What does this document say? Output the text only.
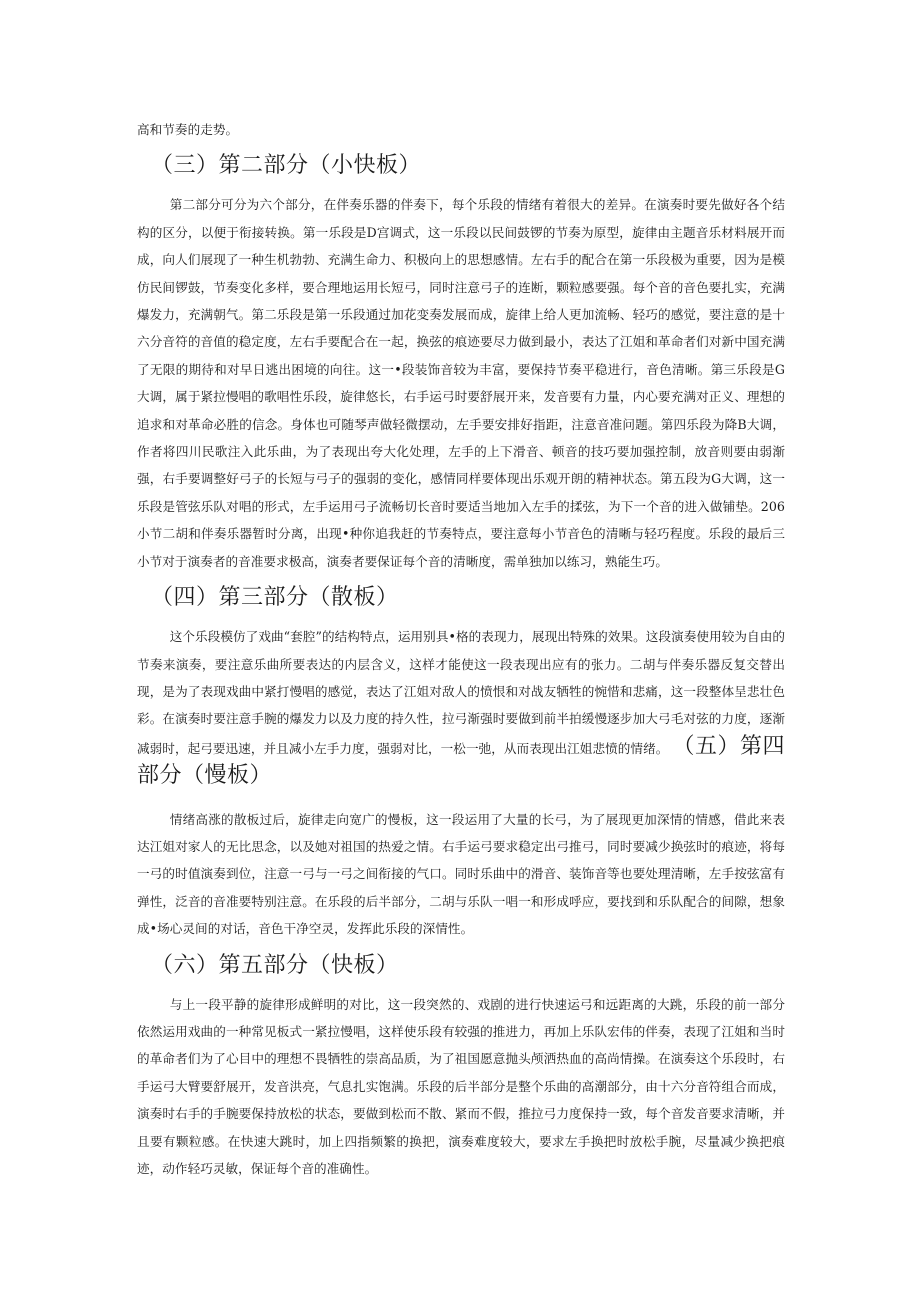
高和节奏的走势。

（三）第二部分（小快板）

第二部分可分为六个部分，在伴奏乐器的伴奏下，每个乐段的情绪有着很大的差异。在演奏时要先做好各个结构的区分，以便于衔接转换。第一乐段是D宫调式，这一乐段以民间鼓锣的节奏为原型，旋律由主题音乐材料展开而成，向人们展现了一种生机勃勃、充满生命力、积极向上的思想感情。左右手的配合在第一乐段极为重要，因为是模仿民间锣鼓，节奏变化多样，要合理地运用长短弓，同时注意弓子的连断，颗粒感要强。每个音的音色要扎实，充满爆发力，充满朝气。第二乐段是第一乐段通过加花变奏发展而成，旋律上给人更加流畅、轻巧的感觉，要注意的是十六分音符的音值的稳定度，左右手要配合在一起，换弦的痕迹要尽力做到最小，表达了江姐和革命者们对新中国充满了无限的期待和对早日逃出困境的向往。这一•段装饰音较为丰富，要保持节奏平稳进行，音色清晰。第三乐段是G大调，属于紧拉慢唱的歌唱性乐段，旋律悠长，右手运弓时要舒展开来，发音要有力量，内心要充满对正义、理想的追求和对革命必胜的信念。身体也可随琴声做轻微摆动，左手要安排好指距，注意音准问题。第四乐段为降B大调，作者将四川民歌注入此乐曲，为了表现出夸大化处理，左手的上下滑音、顿音的技巧要加强控制，放音则要由弱渐强，右手要调整好弓子的长短与弓子的强弱的变化，感情同样要体现出乐观开朗的精神状态。第五段为G大调，这一乐段是管弦乐队对唱的形式，左手运用弓子流畅切长音时要适当地加入左手的揉弦，为下一个音的进入做铺垫。206小节二胡和伴奏乐器暂时分离，出现•种你追我赶的节奏特点，要注意每小节音色的清晰与轻巧程度。乐段的最后三小节对于演奏者的音准要求极高，演奏者要保证每个音的清晰度，需单独加以练习，熟能生巧。

（四）第三部分（散板）

这个乐段模仿了戏曲“套腔”的结构特点，运用别具•格的表现力，展现出特殊的效果。这段演奏使用较为自由的节奏来演奏，要注意乐曲所要表达的内层含义，这样才能使这一段表现出应有的张力。二胡与伴奏乐器反复交替出现，是为了表现戏曲中紧打慢唱的感觉，表达了江姐对敌人的愤恨和对战友牺牲的惋惜和悲痛，这一段整体呈悲壮色彩。在演奏时要注意手腕的爆发力以及力度的持久性，拉弓渐强时要做到前半拍缓慢逐步加大弓毛对弦的力度，逐渐减弱时，起弓要迅速，并且减小左手力度，强弱对比，一松一弛，从而表现出江姐悲愤的情绪。 （五）第四部分（慢板）

情绪高涨的散板过后，旋律走向宽广的慢板，这一段运用了大量的长弓，为了展现更加深情的情感，借此来表达江姐对家人的无比思念，以及她对祖国的热爱之情。右手运弓要求稳定出弓推弓，同时要减少换弦时的痕迹，将每一弓的时值演奏到位，注意一弓与一弓之间衔接的气口。同时乐曲中的滑音、装饰音等也要处理清晰，左手按弦富有弹性，泛音的音准要特别注意。在乐段的后半部分，二胡与乐队一唱一和形成呼应，要找到和乐队配合的间隙，想象成•场心灵间的对话，音色干净空灵，发挥此乐段的深情性。

（六）第五部分（快板）

与上一段平静的旋律形成鲜明的对比，这一段突然的、戏剧的进行快速运弓和远距离的大跳，乐段的前一部分依然运用戏曲的一种常见板式一紧拉慢唱，这样使乐段有较强的推进力，再加上乐队宏伟的伴奏，表现了江姐和当时的革命者们为了心目中的理想不畏牺牲的崇高品质，为了祖国愿意抛头颅洒热血的高尚情操。在演奏这个乐段时，右手运弓大臂要舒展开，发音洪亮，气息扎实饱满。乐段的后半部分是整个乐曲的高潮部分，由十六分音符组合而成，演奏时右手的手腕要保持放松的状态，要做到松而不散、紧而不假，推拉弓力度保持一致，每个音发音要求清晰，并且要有颗粒感。在快速大跳时，加上四指频繁的换把，演奏难度较大，要求左手换把时放松手腕，尽量减少换把痕迹，动作轻巧灵敏，保证每个音的准确性。
